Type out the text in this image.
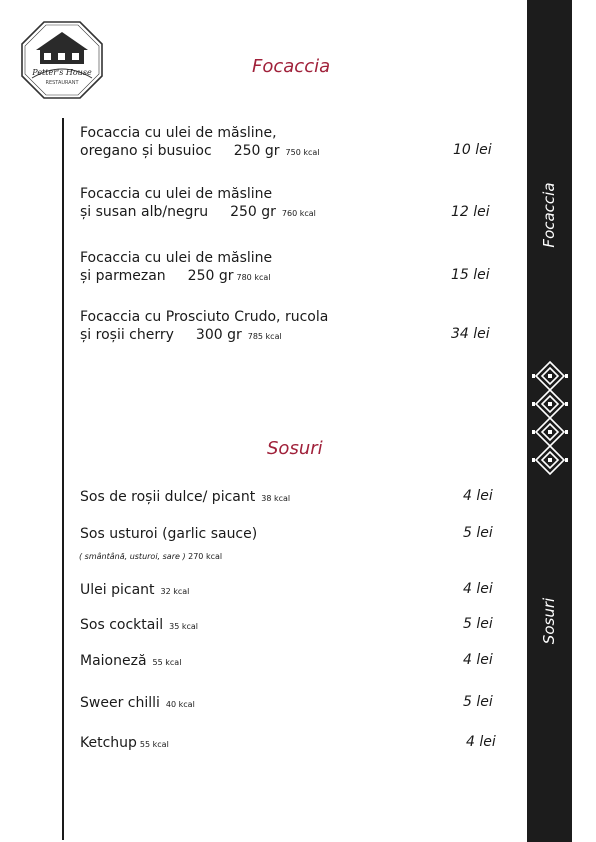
Petter's House
RESTAURANT
Focaccia
Sosuri
Focaccia
Focaccia cu ulei de măsline,
oregano și busuioc 250 gr 750 kcal	10 lei
Focaccia cu ulei de măsline
și susan alb/negru 250 gr 760 kcal	12 lei
Focaccia cu ulei de măsline
și parmezan 250 gr 780 kcal	15 lei
Focaccia cu Prosciuto Crudo, rucola
și roșii cherry 300 gr 785 kcal	34 lei
Sosuri
Sos de roșii dulce/ picant 38 kcal	4 lei
Sos usturoi (garlic sauce)
( smântână, usturoi, sare ) 270 kcal
5 lei
Ulei picant 32 kcal	4 lei
Sos cocktail 35 kcal	5 lei
Maioneză 55 kcal	4 lei
Sweer chilli 40 kcal	5 lei
Ketchup 55 kcal	4 lei
